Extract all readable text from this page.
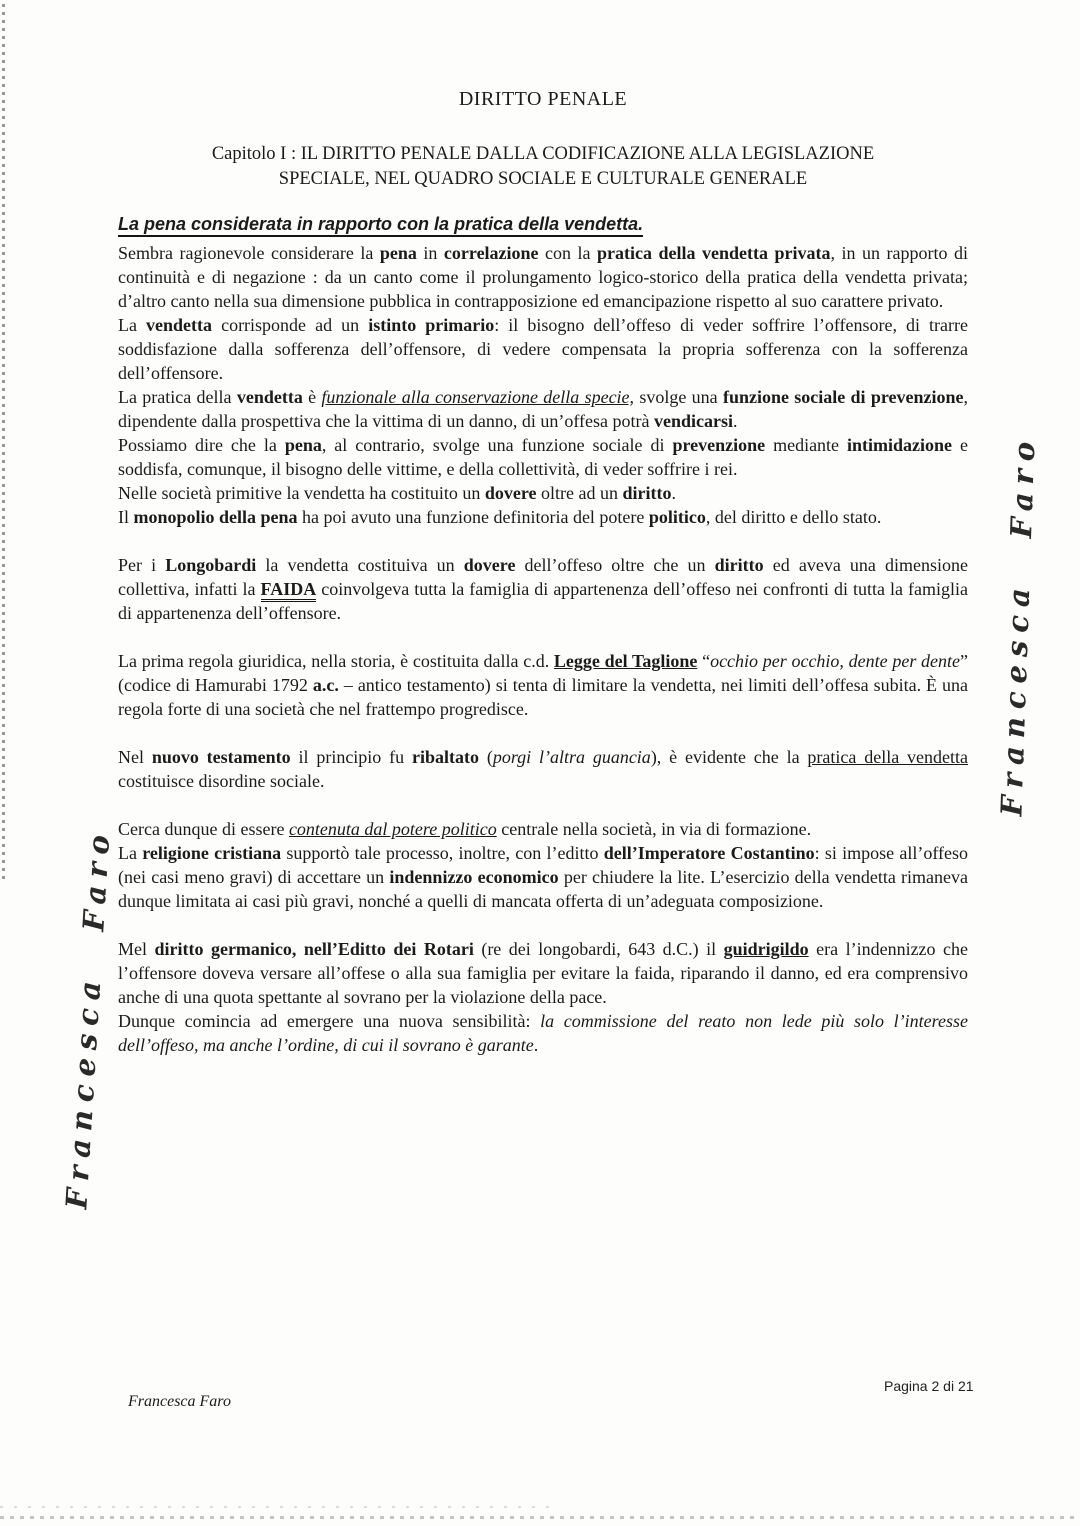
Francesca Faro
Francesca Faro
DIRITTO PENALE
Capitolo I : IL DIRITTO PENALE DALLA CODIFICAZIONE ALLA LEGISLAZIONE
SPECIALE, NEL QUADRO SOCIALE E CULTURALE GENERALE
La pena considerata in rapporto con la pratica della vendetta.

Sembra ragionevole considerare la pena in correlazione con la pratica della vendetta privata, in un rapporto di continuità e di negazione : da un canto come il prolungamento logico-storico della pratica della vendetta privata; d’altro canto nella sua dimensione pubblica in contrapposizione ed emancipazione rispetto al suo carattere privato.

La vendetta corrisponde ad un istinto primario: il bisogno dell’offeso di veder soffrire l’offensore, di trarre soddisfazione dalla sofferenza dell’offensore, di vedere compensata la propria sofferenza con la sofferenza dell’offensore.

La pratica della vendetta è funzionale alla conservazione della specie, svolge una funzione sociale di prevenzione, dipendente dalla prospettiva che la vittima di un danno, di un’offesa potrà vendicarsi.

Possiamo dire che la pena, al contrario, svolge una funzione sociale di prevenzione mediante intimidazione e soddisfa, comunque, il bisogno delle vittime, e della collettività, di veder soffrire i rei.

Nelle società primitive la vendetta ha costituito un dovere oltre ad un diritto.

Il monopolio della pena ha poi avuto una funzione definitoria del potere politico, del diritto e dello stato.

Per i Longobardi la vendetta costituiva un dovere dell’offeso oltre che un diritto ed aveva una dimensione collettiva, infatti la FAIDA coinvolgeva tutta la famiglia di appartenenza dell’offeso nei confronti di tutta la famiglia di appartenenza dell’offensore.

La prima regola giuridica, nella storia, è costituita dalla c.d. Legge del Taglione “occhio per occhio, dente per dente” (codice di Hamurabi 1792 a.c. – antico testamento) si tenta di limitare la vendetta, nei limiti dell’offesa subita. È una regola forte di una società che nel frattempo progredisce.

Nel nuovo testamento il principio fu ribaltato (porgi l’altra guancia), è evidente che la pratica della vendetta costituisce disordine sociale.

Cerca dunque di essere contenuta dal potere politico centrale nella società, in via di formazione.

La religione cristiana supportò tale processo, inoltre, con l’editto dell’Imperatore Costantino: si impose all’offeso (nei casi meno gravi) di accettare un indennizzo economico per chiudere la lite. L’esercizio della vendetta rimaneva dunque limitata ai casi più gravi, nonché a quelli di mancata offerta di un’adeguata composizione.

Mel diritto germanico, nell’Editto dei Rotari (re dei longobardi, 643 d.C.) il guidrigildo era l’indennizzo che l’offensore doveva versare all’offese o alla sua famiglia per evitare la faida, riparando il danno, ed era comprensivo anche di una quota spettante al sovrano per la violazione della pace.

Dunque comincia ad emergere una nuova sensibilità: la commissione del reato non lede più solo l’interesse dell’offeso, ma anche l’ordine, di cui il sovrano è garante.

Francesca Faro
Pagina 2 di 21
